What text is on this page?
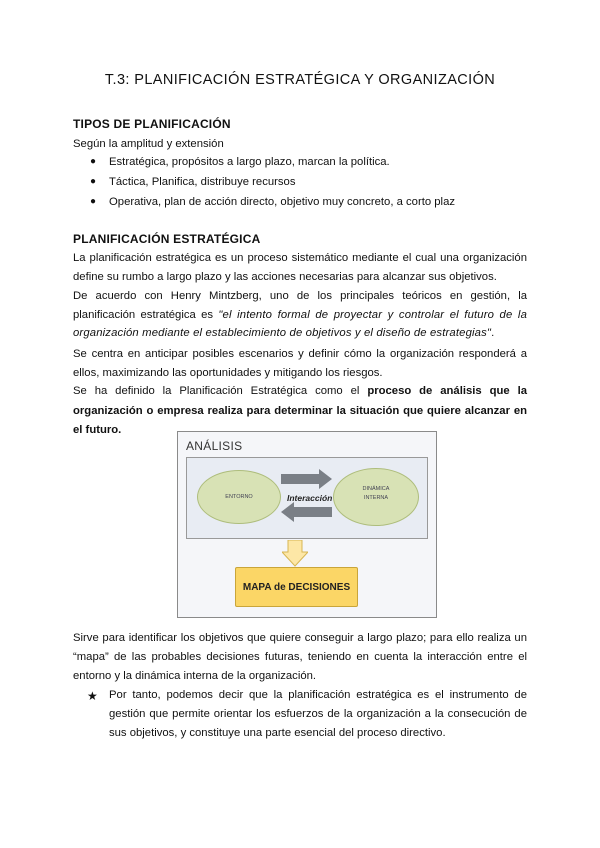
T.3: PLANIFICACIÓN ESTRATÉGICA Y ORGANIZACIÓN
TIPOS DE PLANIFICACIÓN
Según la amplitud y extensión
● Estratégica, propósitos a largo plazo, marcan la política.
● Táctica, Planifica, distribuye recursos
● Operativa, plan de acción directo, objetivo muy concreto, a corto plaz
PLANIFICACIÓN ESTRATÉGICA
La planificación estratégica es un proceso sistemático mediante el cual una organización define su rumbo a largo plazo y las acciones necesarias para alcanzar sus objetivos.
De acuerdo con Henry Mintzberg, uno de los principales teóricos en gestión, la planificación estratégica es "el intento formal de proyectar y controlar el futuro de la organización mediante el establecimiento de objetivos y el diseño de estrategias".
Se centra en anticipar posibles escenarios y definir cómo la organización responderá a ellos, maximizando las oportunidades y mitigando los riesgos.
Se ha definido la Planificación Estratégica como el proceso de análisis que la organización o empresa realiza para determinar la situación que quiere alcanzar en el futuro.
ANÁLISIS
ENTORNO
DINÁMICA
INTERNA
Interacción
MAPA de DECISIONES
Sirve para identificar los objetivos que quiere conseguir a largo plazo; para ello realiza un “mapa” de las probables decisiones futuras, teniendo en cuenta la interacción entre el entorno y la dinámica interna de la organización.
★ Por tanto, podemos decir que la planificación estratégica es el instrumento de gestión que permite orientar los esfuerzos de la organización a la consecución de sus objetivos, y constituye una parte esencial del proceso directivo.
